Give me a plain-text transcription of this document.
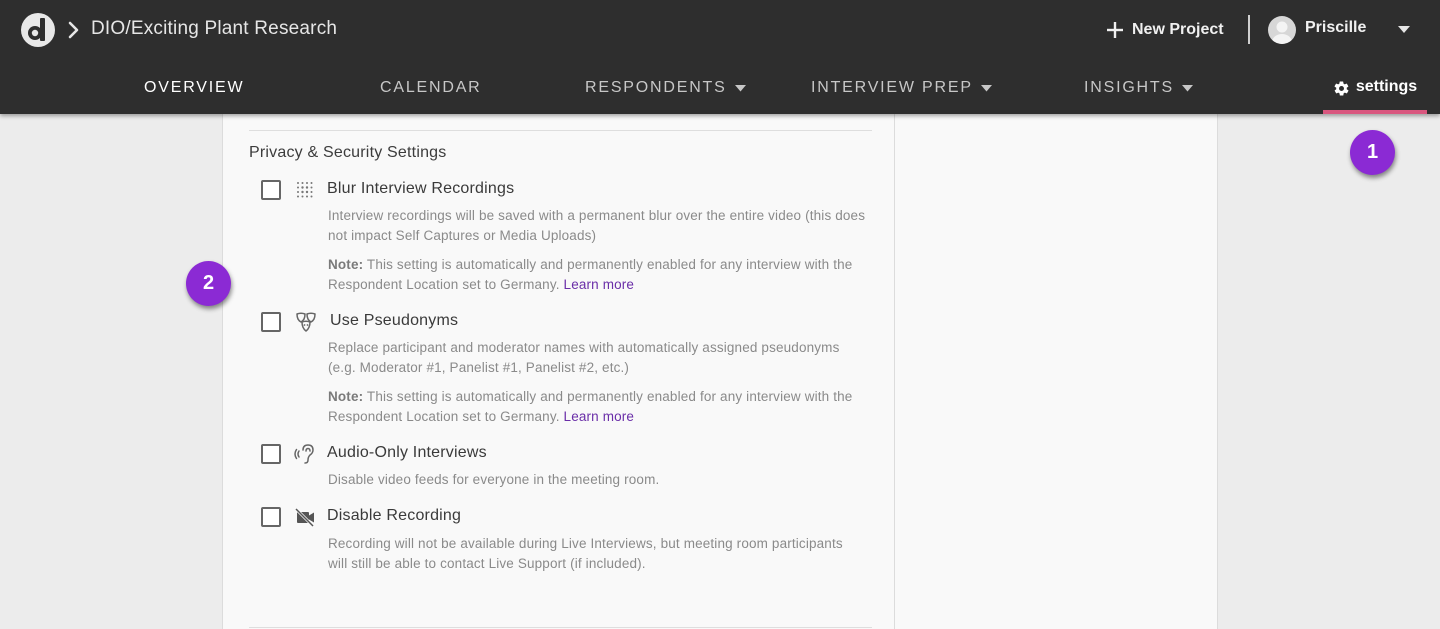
DIO/Exciting Plant Research	New Project	Priscille
OVERVIEW	CALENDAR	RESPONDENTS	INTERVIEW PREP	INSIGHTS	settings
Privacy & Security Settings
Blur Interview Recordings
Interview recordings will be saved with a permanent blur over the entire video (this does not impact Self Captures or Media Uploads)
Note: This setting is automatically and permanently enabled for any interview with the Respondent Location set to Germany. Learn more
Use Pseudonyms
Replace participant and moderator names with automatically assigned pseudonyms (e.g. Moderator #1, Panelist #1, Panelist #2, etc.)
Note: This setting is automatically and permanently enabled for any interview with the Respondent Location set to Germany. Learn more
Audio-Only Interviews
Disable video feeds for everyone in the meeting room.
Disable Recording
Recording will not be available during Live Interviews, but meeting room participants will still be able to contact Live Support (if included).
1
2
